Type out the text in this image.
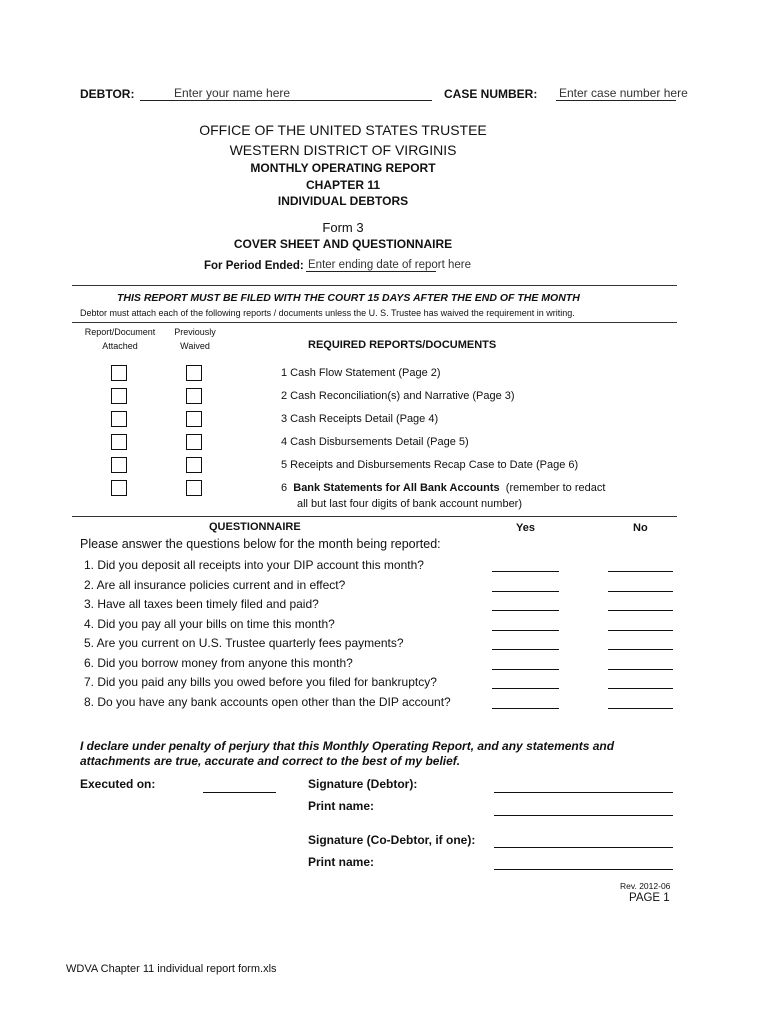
DEBTOR:	Enter your name here	CASE NUMBER: Enter case number here
OFFICE OF THE UNITED STATES TRUSTEE
WESTERN DISTRICT OF VIRGINIS
MONTHLY OPERATING REPORT
CHAPTER 11
INDIVIDUAL DEBTORS
Form 3
COVER SHEET AND QUESTIONNAIRE
For Period Ended: Enter ending date of report here
THIS REPORT MUST BE FILED WITH THE COURT 15 DAYS AFTER THE END OF THE MONTH
Debtor must attach each of the following reports / documents unless the U. S. Trustee has waived the requirement in writing.
Report/Document
Attached
Previously
Waived	REQUIRED REPORTS/DOCUMENTS
1 Cash Flow Statement (Page 2)
2 Cash Reconciliation(s) and Narrative (Page 3)
3 Cash Receipts Detail (Page 4)
4 Cash Disbursements Detail (Page 5)
5 Receipts and Disbursements Recap Case to Date (Page 6)
6 Bank Statements for All Bank Accounts (remember to redact
all but last four digits of bank account number)
QUESTIONNAIRE	Yes	No
Please answer the questions below for the month being reported:
1. Did you deposit all receipts into your DIP account this month?
2. Are all insurance policies current and in effect?
3. Have all taxes been timely filed and paid?
4. Did you pay all your bills on time this month?
5. Are you current on U.S. Trustee quarterly fees payments?
6. Did you borrow money from anyone this month?
7. Did you paid any bills you owed before you filed for bankruptcy?
8. Do you have any bank accounts open other than the DIP account?
I declare under penalty of perjury that this Monthly Operating Report, and any statements and
attachments are true, accurate and correct to the best of my belief.
Executed on:	Signature (Debtor):
Print name:
Signature (Co-Debtor, if one):
Print name:
Rev. 2012-06
PAGE 1
WDVA Chapter 11 individual report form.xls
